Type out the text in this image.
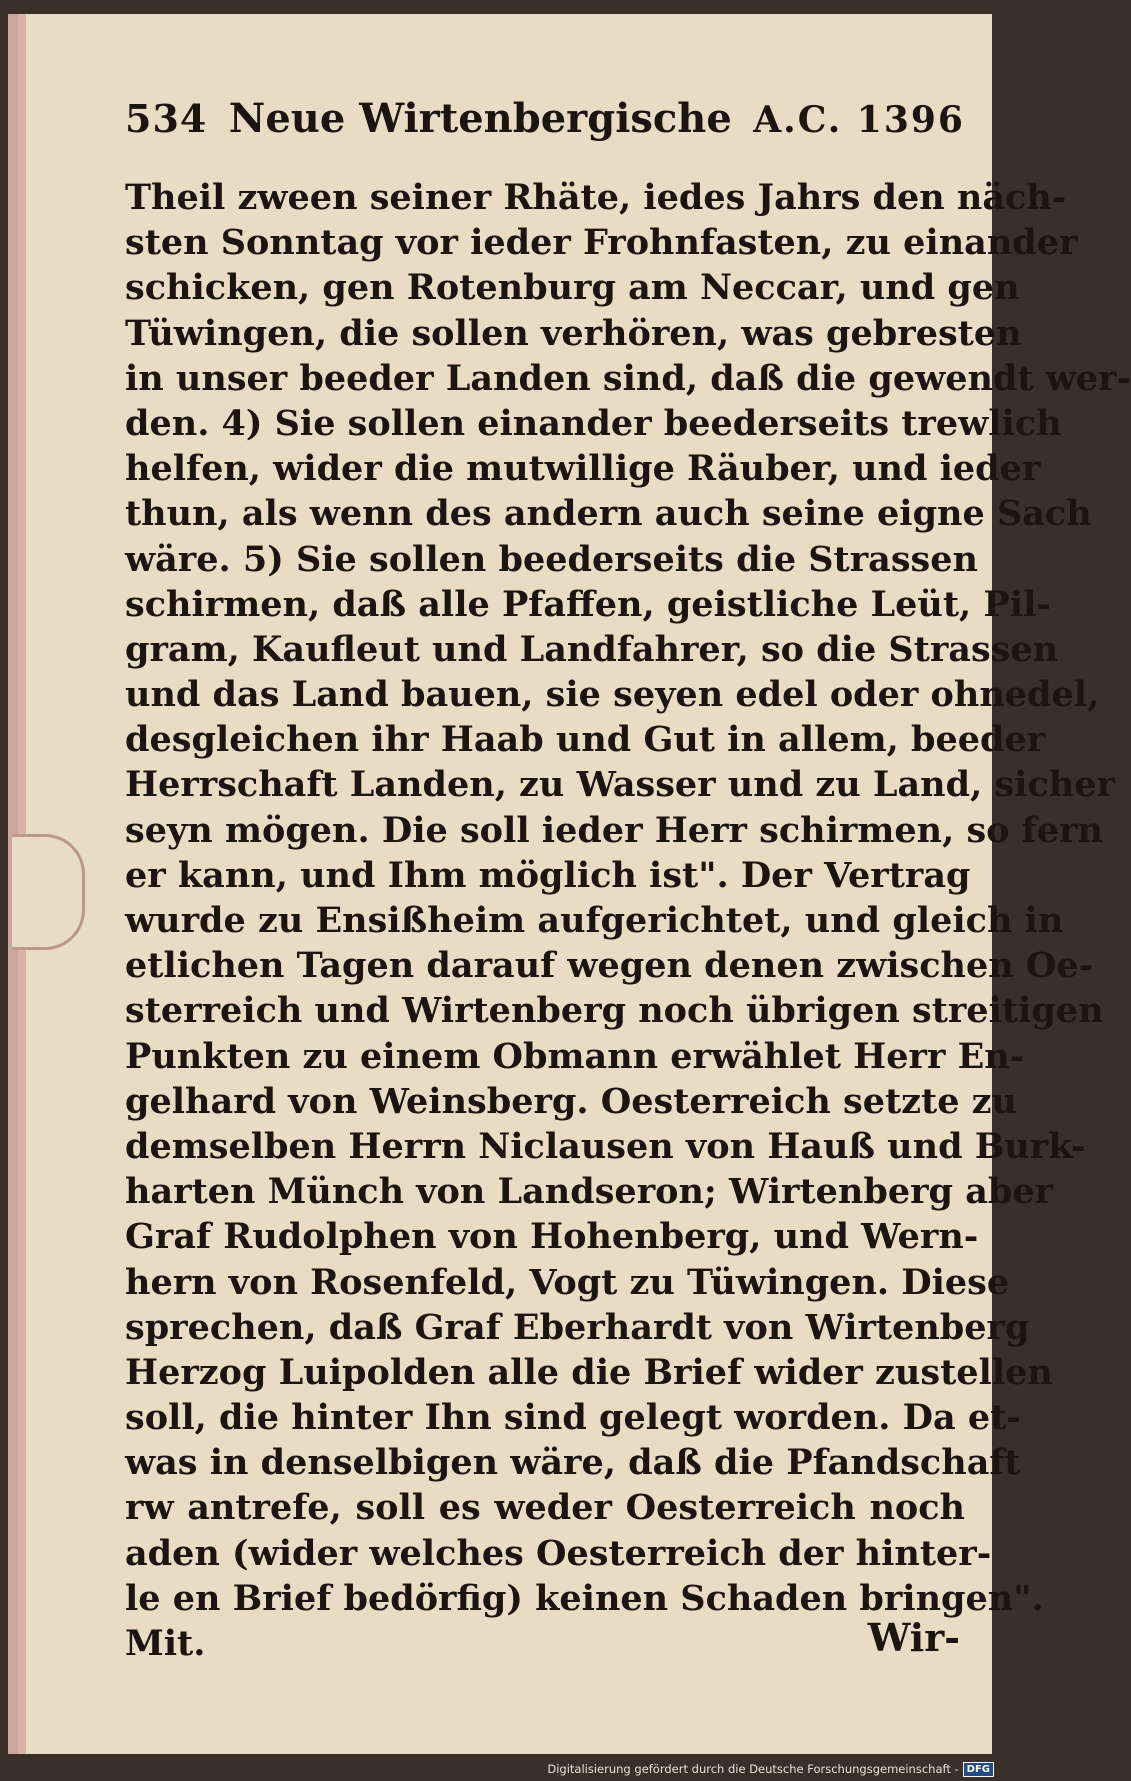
534 Neue Wirtenbergische A.C. 1396
Theil zween seiner Rhäte, iedes Jahrs den näch-
sten Sonntag vor ieder Frohnfasten, zu einander
schicken, gen Rotenburg am Neccar, und gen
Tüwingen, die sollen verhören, was gebresten
in unser beeder Landen sind, daß die gewendt wer-
den. 4) Sie sollen einander beederseits trewlich
helfen, wider die mutwillige Räuber, und ieder
thun, als wenn des andern auch seine eigne Sach
wäre. 5) Sie sollen beederseits die Strassen
schirmen, daß alle Pfaffen, geistliche Leüt, Pil-
gram, Kaufleut und Landfahrer, so die Strassen
und das Land bauen, sie seyen edel oder ohnedel,
desgleichen ihr Haab und Gut in allem, beeder
Herrschaft Landen, zu Wasser und zu Land, sicher
seyn mögen. Die soll ieder Herr schirmen, so fern
er kann, und Ihm möglich ist". Der Vertrag
wurde zu Ensißheim aufgerichtet, und gleich in
etlichen Tagen darauf wegen denen zwischen Oe-
sterreich und Wirtenberg noch übrigen streitigen
Punkten zu einem Obmann erwählet Herr En-
gelhard von Weinsberg. Oesterreich setzte zu
demselben Herrn Niclausen von Hauß und Burk-
harten Münch von Landseron; Wirtenberg aber
Graf Rudolphen von Hohenberg, und Wern-
hern von Rosenfeld, Vogt zu Tüwingen. Diese
sprechen, daß Graf Eberhardt von Wirtenberg
Herzog Luipolden alle die Brief wider zustellen
soll, die hinter Ihn sind gelegt worden. Da et-
was in denselbigen wäre, daß die Pfandschaft
rw antrefe, soll es weder Oesterreich noch
aden (wider welches Oesterreich der hinter-
le en Brief bedörfig) keinen Schaden bringen".
Mit.	Wir-
Digitalisierung gefördert durch die Deutsche Forschungsgemeinschaft - DFG
